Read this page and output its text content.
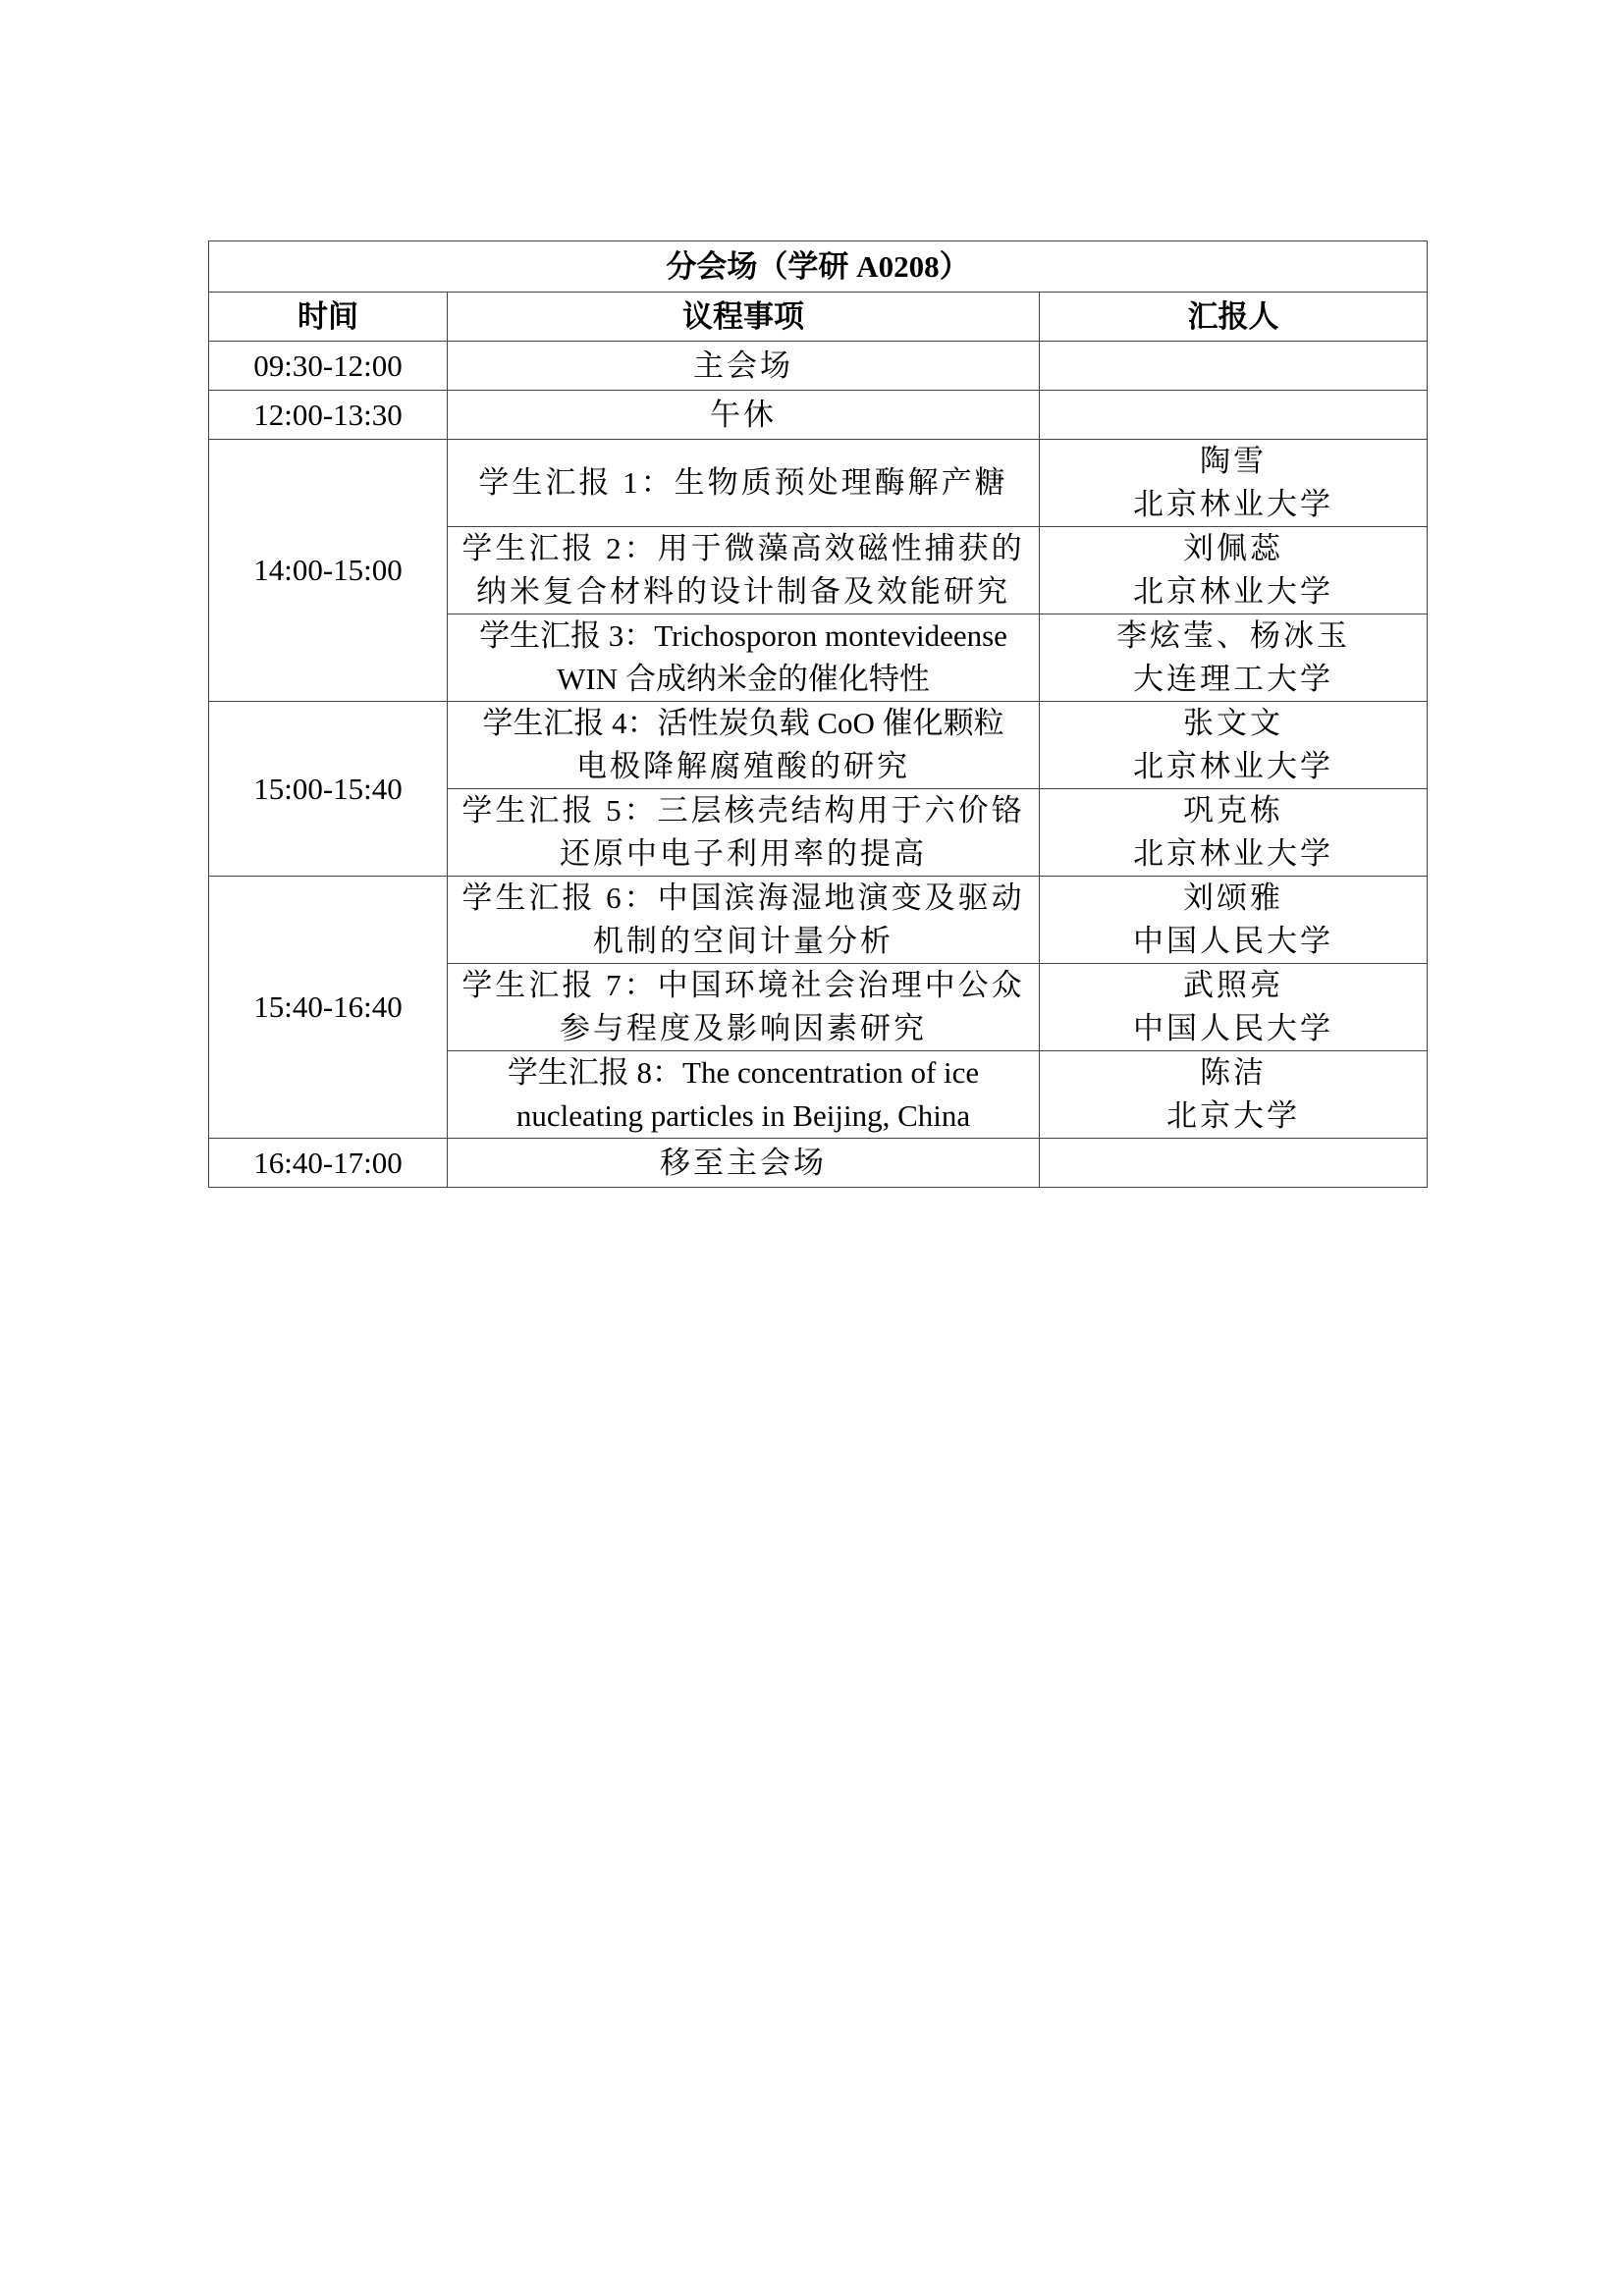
分会场（学研 A0208）		
时间	议程事项	汇报人
09:30-12:00	主会场	
12:00-13:30	午休	
14:00-15:00	学生汇报 1：生物质预处理酶解产糖	陶雪
北京林业大学

	学生汇报 2：用于微藻高效磁性捕获的
纳米复合材料的设计制备及效能研究	刘佩蕊
北京林业大学

	学生汇报 3：Trichosporon montevideense
WIN 合成纳米金的催化特性	李炫莹、杨冰玉
大连理工大学

15:00-15:40	学生汇报 4：活性炭负载 CoO 催化颗粒
电极降解腐殖酸的研究	张文文
北京林业大学

	学生汇报 5：三层核壳结构用于六价铬
还原中电子利用率的提高	巩克栋
北京林业大学

15:40-16:40	学生汇报 6：中国滨海湿地演变及驱动
机制的空间计量分析	刘颂雅
中国人民大学

	学生汇报 7：中国环境社会治理中公众
参与程度及影响因素研究	武照亮
中国人民大学

	学生汇报 8：The concentration of ice
nucleating particles in Beijing, China	陈洁
北京大学

16:40-17:00	移至主会场	
